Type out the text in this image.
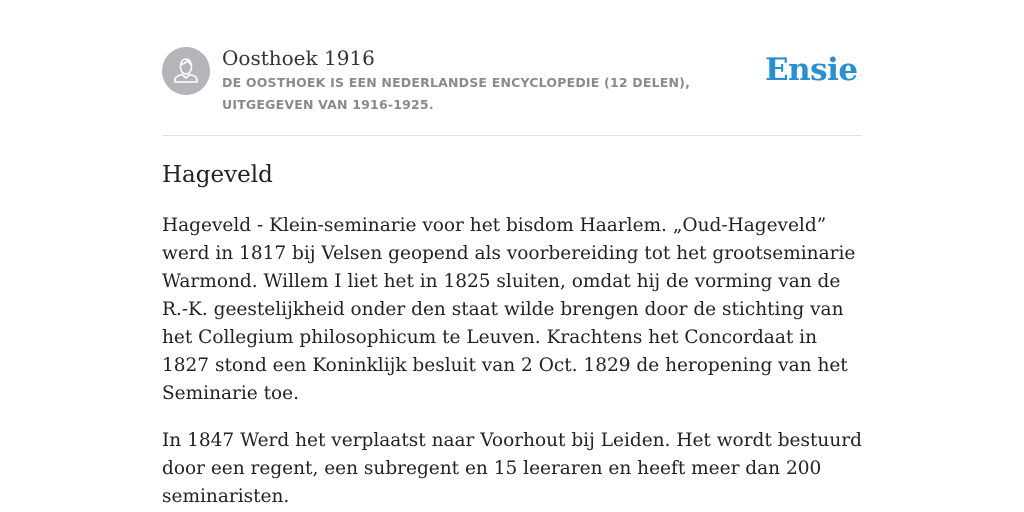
Oosthoek 1916
DE OOSTHOEK IS EEN NEDERLANDSE ENCYCLOPEDIE (12 DELEN), UITGEGEVEN VAN 1916-1925.
Ensie
Hageveld

Hageveld - Klein-seminarie voor het bisdom Haarlem. „Oud-Hageveld” werd in 1817 bij Velsen geopend als voorbereiding tot het grootseminarie Warmond. Willem I liet het in 1825 sluiten, omdat hij de vorming van de R.-K. geestelijkheid onder den staat wilde brengen door de stichting van het Collegium philosophicum te Leuven. Krachtens het Concordaat in 1827 stond een Koninklijk besluit van 2 Oct. 1829 de heropening van het Seminarie toe.

In 1847 Werd het verplaatst naar Voorhout bij Leiden. Het wordt bestuurd door een regent, een subregent en 15 leeraren en heeft meer dan 200 seminaristen.
